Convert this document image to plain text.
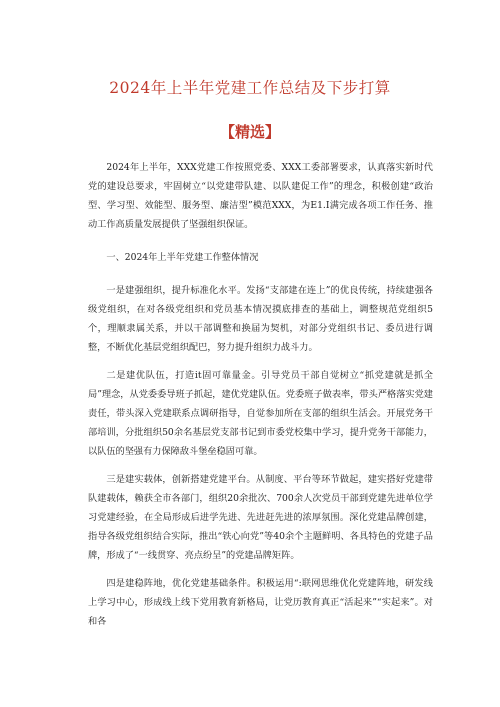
2024年上半年党建工作总结及下步打算
【精选】

2024年上半年，XXX党建工作按照党委、XXX工委部署要求，认真落实新时代党的建设总要求，牢固树立“以党建带队建、以队建促工作”的理念，积极创建“政治型、学习型、效能型、服务型、廉洁型”模范XXX，为E1.I满完成各项工作任务、推动工作高质量发展提供了坚强组织保证。

一、2024年上半年党建工作整体情况

一是建强组织，提升标准化水平。发扬“支部建在连上”的优良传统，持续建强各级党组织，在对各级党组织和党员基本情况摸底排查的基础上，调整规范党组织5个，理顺隶属关系，并以干部调整和换届为契机，对部分党组织书记、委员进行调整，不断优化基层党组织配巴，努力提升组织力战斗力。

二是建优队伍，打造it固可靠量金。引导党员干部自觉树立“抓党建就是抓全局”理念，从党委委导班子抓起，建优党建队伍。党委班子做表率，带头严格落实党建责任，带头深入党建联系点调研指导，自觉参加所在支部的组织生活会。开展党务干部培训，分批组织50余名基层党支部书记到市委党校集中学习，提升党务干部能力，以队伍的坚强有力保障敌斗堡垒稳固可靠。

三是建实载体，创新搭建党建平台。从制度、平台等环节做起，建实搭好党建带队建载体，赖获全市各部门，组织20余批次、700余人次党员干部到党建先进单位学习党建经验，在全局形成后进学先进、先进赶先进的浓厚氛围。深化党建品牌创建，指导各级党组织结合实际，推出“铁心向党”等40余个主题鲜明、各具特色的党建子品牌，形成了“一线贯穿、亮点纷呈”的党建品牌矩阵。

四是建稳阵地，优化党建基础条件。积极运用“:联网思维优化党建阵地，研发线上学习中心，形成线上线下党用教育新格局，让党历教育真正“活起来”“实起来”。对和各
